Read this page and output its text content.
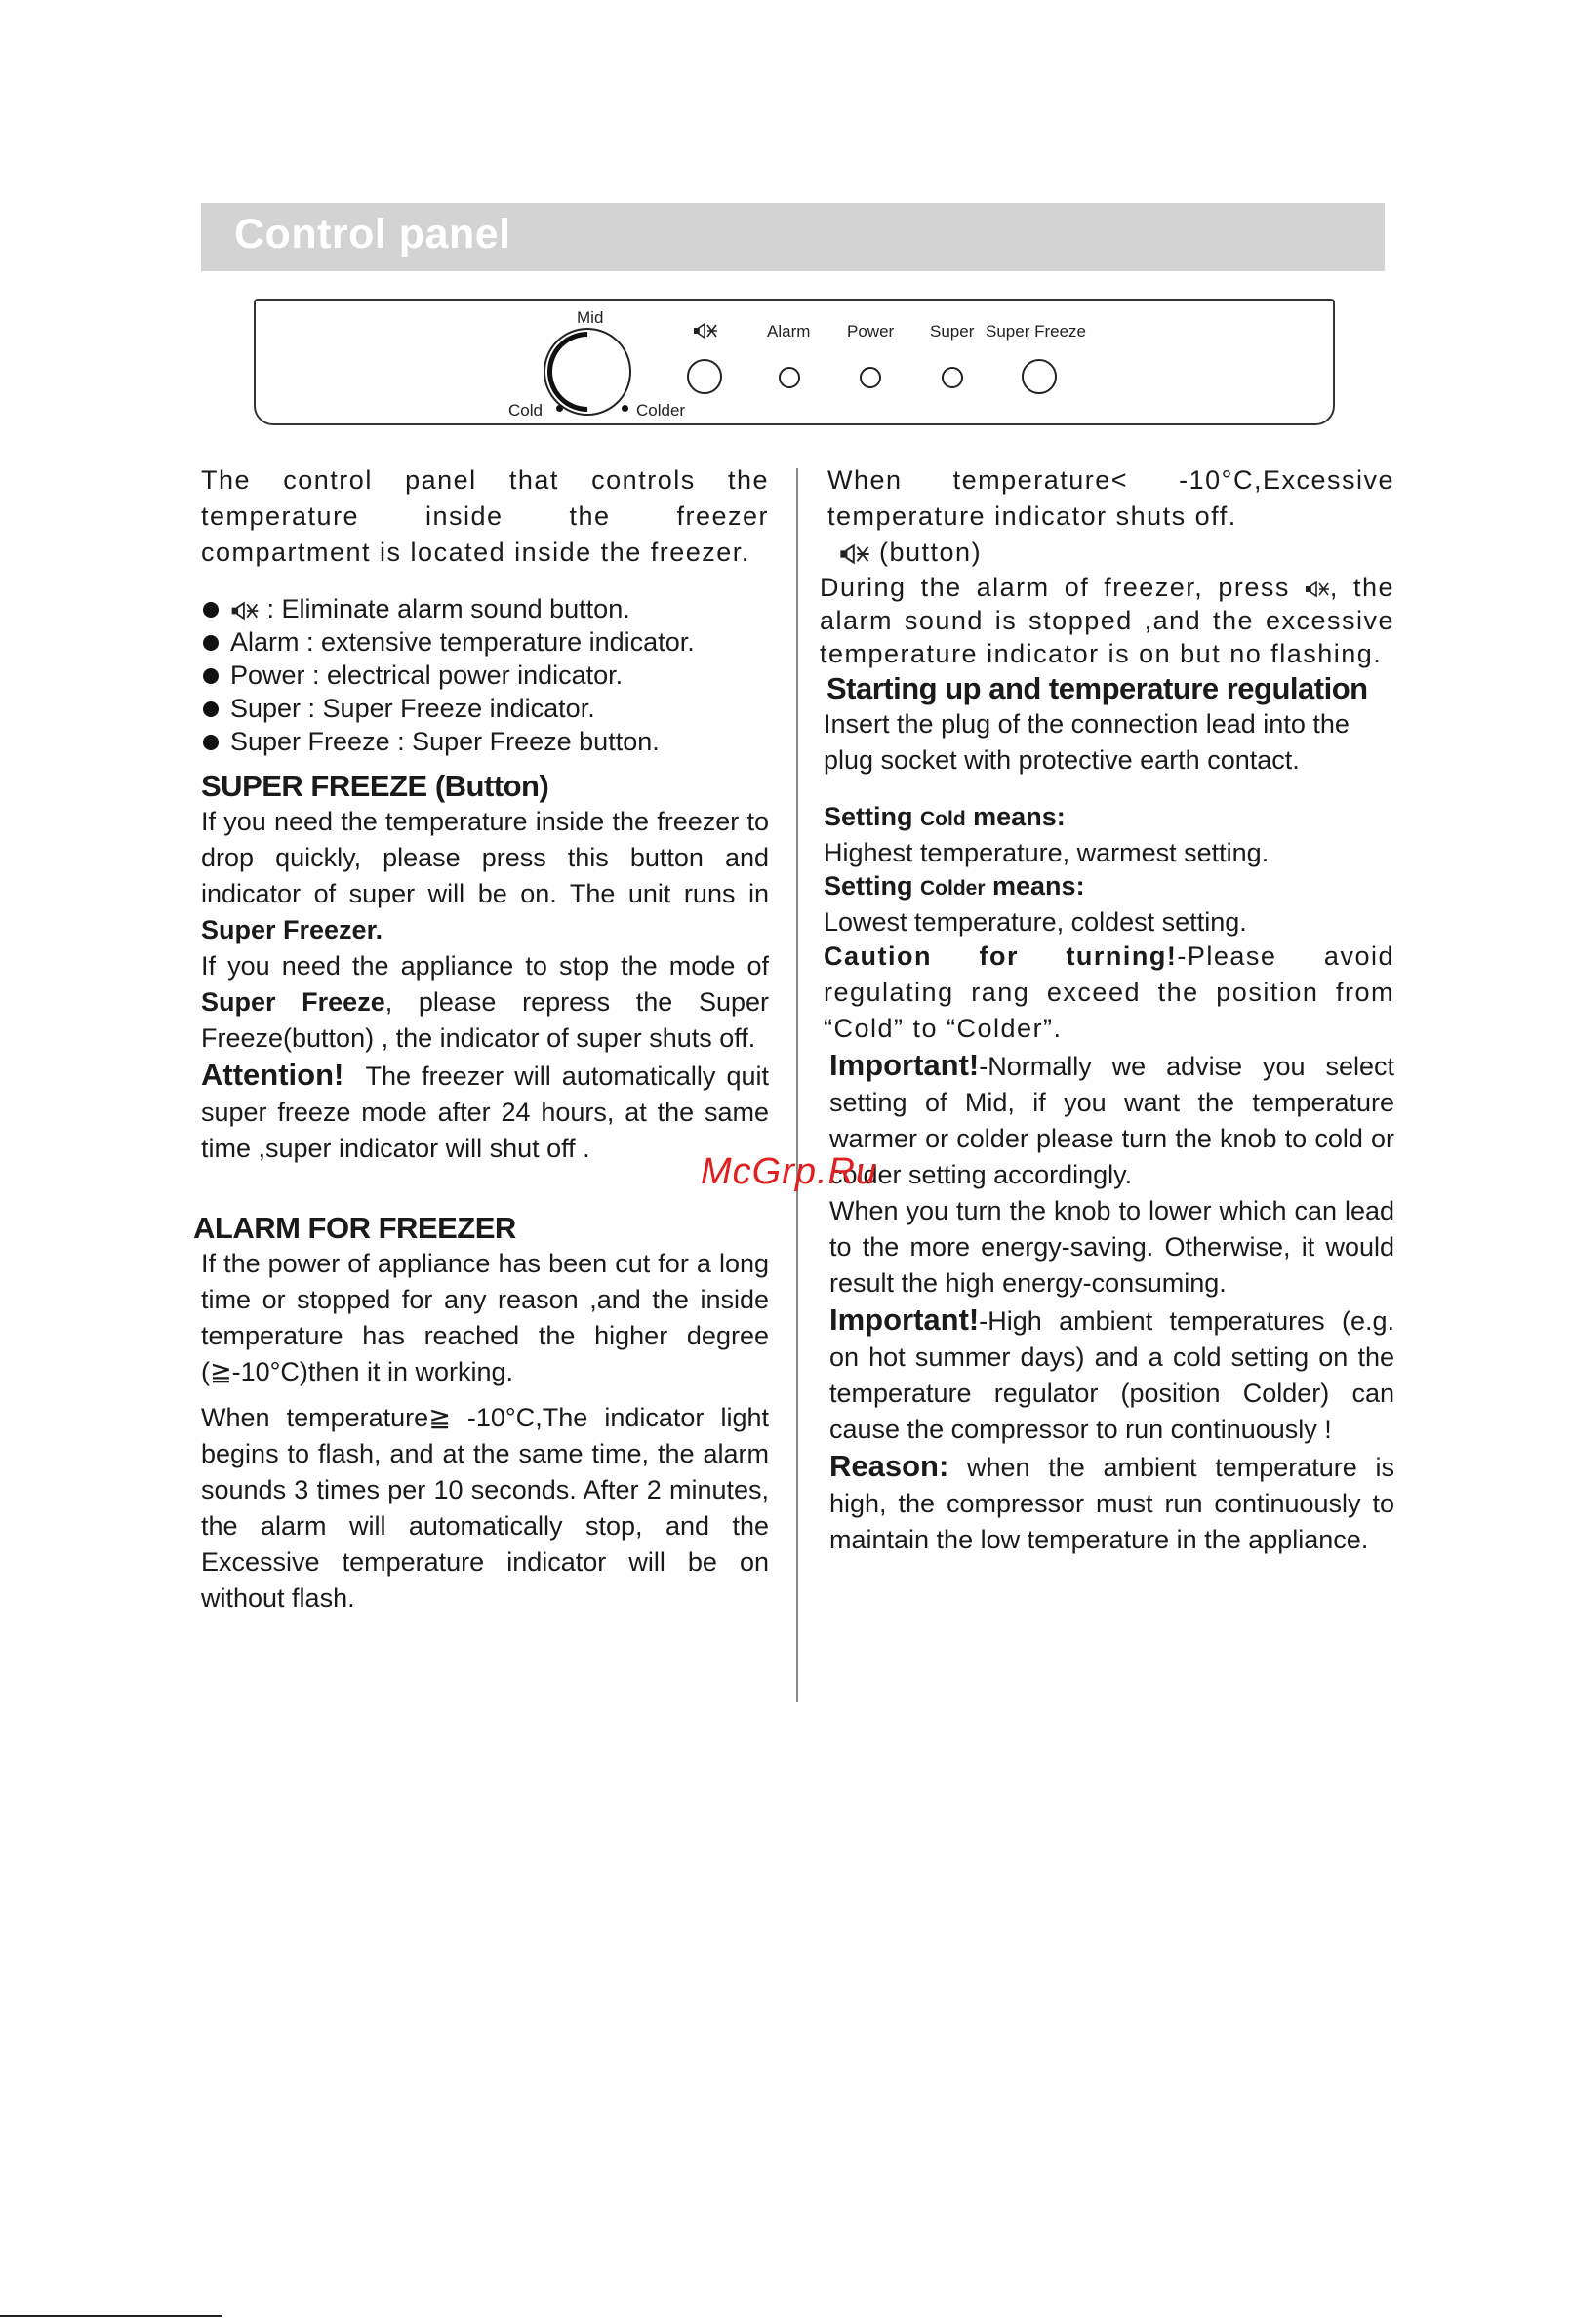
Control panel
Mid
Cold	Colder
Alarm Power Super Super Freeze

The control panel that controls the temperature inside the freezer compartment is located inside the freezer.

: Eliminate alarm sound button.
Alarm : extensive temperature indicator.
Power : electrical power indicator.
Super : Super Freeze indicator.
Super Freeze : Super Freeze button.

SUPER FREEZE (Button)

If you need the temperature inside the freezer to drop quickly, please press this button and indicator of super will be on. The unit runs in Super Freezer.

If you need the appliance to stop the mode of Super Freeze, please repress the Super Freeze(button) , the indicator of super shuts off.

Attention! The freezer will automatically quit super freeze mode after 24 hours, at the same time ,super indicator will shut off .

ALARM FOR FREEZER

If the power of appliance has been cut for a long time or stopped for any reason ,and the inside temperature has reached the higher degree (≧-10°C)then it in working.

When temperature≧ -10°C,The indicator light begins to flash, and at the same time, the alarm sounds 3 times per 10 seconds. After 2 minutes, the alarm will automatically stop, and the Excessive temperature indicator will be on without flash.

When temperature< -10°C,Excessive temperature indicator shuts off.

(button)

During the alarm of freezer, press , the alarm sound is stopped ,and the excessive temperature indicator is on but no flashing.

Starting up and temperature regulation

Insert the plug of the connection lead into the plug socket with protective earth contact.

Setting Cold means:

Highest temperature, warmest setting.

Setting Colder means:

Lowest temperature, coldest setting.

Caution for turning!-Please avoid regulating rang exceed the position from “Cold” to “Colder”.

Important!-Normally we advise you select setting of Mid, if you want the temperature warmer or colder please turn the knob to cold or colder setting accordingly.

When you turn the knob to lower which can lead to the more energy-saving. Otherwise, it would result the high energy-consuming.

Important!-High ambient temperatures (e.g. on hot summer days) and a cold setting on the temperature regulator (position Colder) can cause the compressor to run continuously !

Reason: when the ambient temperature is high, the compressor must run continuously to maintain the low temperature in the appliance.

McGrp.Ru
